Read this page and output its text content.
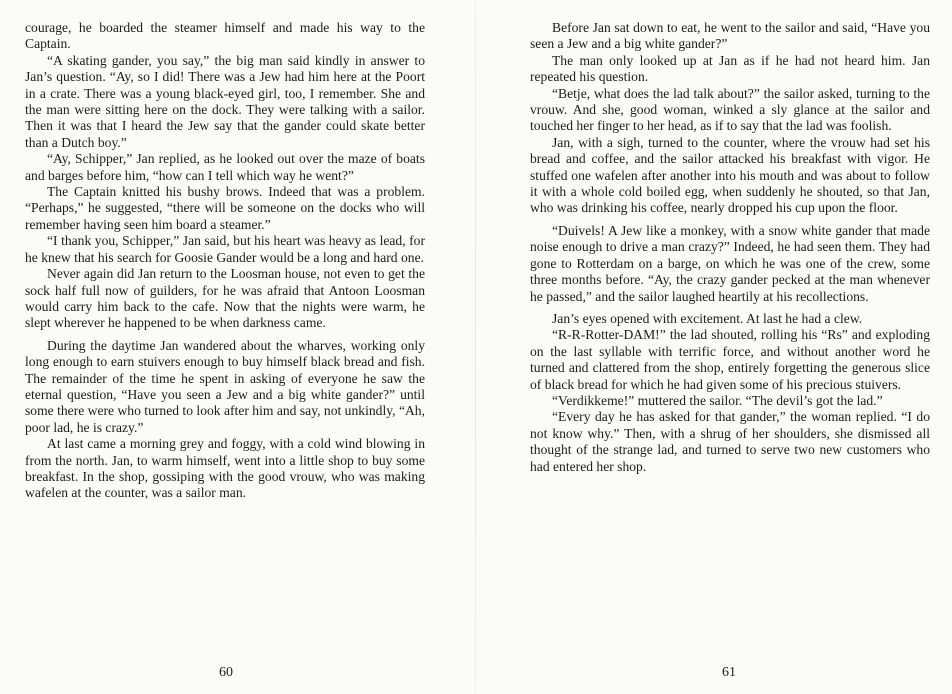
courage, he boarded the steamer himself and made his way to the Captain.

“A skating gander, you say,” the big man said kindly in answer to Jan’s question. “Ay, so I did! There was a Jew had him here at the Poort in a crate. There was a young black-eyed girl, too, I remember. She and the man were sitting here on the dock. They were talking with a sailor. Then it was that I heard the Jew say that the gander could skate better than a Dutch boy.”

“Ay, Schipper,” Jan replied, as he looked out over the maze of boats and barges before him, “how can I tell which way he went?”

The Captain knitted his bushy brows. Indeed that was a problem. “Perhaps,” he suggested, “there will be someone on the docks who will remember having seen him board a steamer.”

“I thank you, Schipper,” Jan said, but his heart was heavy as lead, for he knew that his search for Goosie Gander would be a long and hard one.

Never again did Jan return to the Loosman house, not even to get the sock half full now of guilders, for he was afraid that Antoon Loosman would carry him back to the cafe. Now that the nights were warm, he slept wherever he happened to be when darkness came.

During the daytime Jan wandered about the wharves, working only long enough to earn stuivers enough to buy himself black bread and fish. The remainder of the time he spent in asking of everyone he saw the eternal question, “Have you seen a Jew and a big white gander?” until some there were who turned to look after him and say, not unkindly, “Ah, poor lad, he is crazy.”

At last came a morning grey and foggy, with a cold wind blowing in from the north. Jan, to warm himself, went into a little shop to buy some breakfast. In the shop, gossiping with the good vrouw, who was making wafelen at the counter, was a sailor man.

60

Before Jan sat down to eat, he went to the sailor and said, “Have you seen a Jew and a big white gander?”

The man only looked up at Jan as if he had not heard him. Jan repeated his question.

“Betje, what does the lad talk about?” the sailor asked, turning to the vrouw. And she, good woman, winked a sly glance at the sailor and touched her finger to her head, as if to say that the lad was foolish.

Jan, with a sigh, turned to the counter, where the vrouw had set his bread and coffee, and the sailor attacked his breakfast with vigor. He stuffed one wafelen after another into his mouth and was about to follow it with a whole cold boiled egg, when suddenly he shouted, so that Jan, who was drinking his coffee, nearly dropped his cup upon the floor.

“Duivels! A Jew like a monkey, with a snow white gander that made noise enough to drive a man crazy?” Indeed, he had seen them. They had gone to Rotterdam on a barge, on which he was one of the crew, some three months before. “Ay, the crazy gander pecked at the man whenever he passed,” and the sailor laughed heartily at his recollections.

Jan’s eyes opened with excitement. At last he had a clew.

“R-R-Rotter-DAM!” the lad shouted, rolling his “Rs” and exploding on the last syllable with terrific force, and without another word he turned and clattered from the shop, entirely forgetting the generous slice of black bread for which he had given some of his precious stuivers.

“Verdikkeme!” muttered the sailor. “The devil’s got the lad.”

“Every day he has asked for that gander,” the woman replied. “I do not know why.” Then, with a shrug of her shoulders, she dismissed all thought of the strange lad, and turned to serve two new customers who had entered her shop.

61
